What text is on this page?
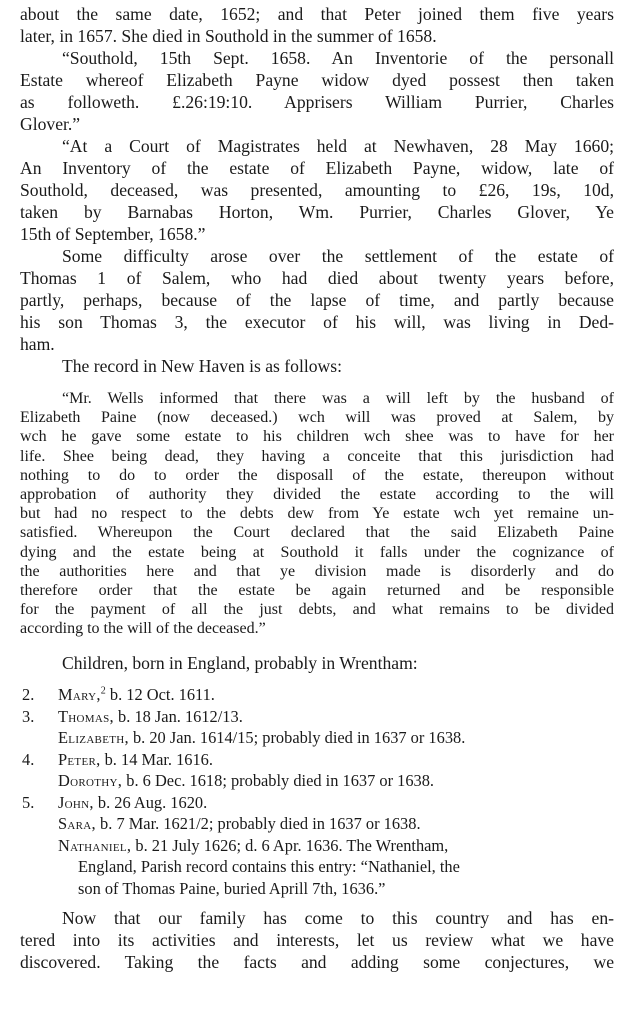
about the same date, 1652; and that Peter joined them five years
later, in 1657. She died in Southold in the summer of 1658.
“Southold, 15th Sept. 1658. An Inventorie of the personall
Estate whereof Elizabeth Payne widow dyed possest then taken
as followeth. £.26:19:10. Apprisers William Purrier, Charles
Glover.”
“At a Court of Magistrates held at Newhaven, 28 May 1660;
An Inventory of the estate of Elizabeth Payne, widow, late of
Southold, deceased, was presented, amounting to £26, 19s, 10d,
taken by Barnabas Horton, Wm. Purrier, Charles Glover, Ye
15th of September, 1658.”
Some difficulty arose over the settlement of the estate of
Thomas 1 of Salem, who had died about twenty years before,
partly, perhaps, because of the lapse of time, and partly because
his son Thomas 3, the executor of his will, was living in Ded-
ham.
The record in New Haven is as follows:
“Mr. Wells informed that there was a will left by the husband of
Elizabeth Paine (now deceased.) wch will was proved at Salem, by
wch he gave some estate to his children wch shee was to have for her
life. Shee being dead, they having a conceite that this jurisdiction had
nothing to do to order the disposall of the estate, thereupon without
approbation of authority they divided the estate according to the will
but had no respect to the debts dew from Ye estate wch yet remaine un-
satisfied. Whereupon the Court declared that the said Elizabeth Paine
dying and the estate being at Southold it falls under the cognizance of
the authorities here and that ye division made is disorderly and do
therefore order that the estate be again returned and be responsible
for the payment of all the just debts, and what remains to be divided
according to the will of the deceased.”
Children, born in England, probably in Wrentham:
2.	Mary,$^2$ b. 12 Oct. 1611.
3.	Thomas, b. 18 Jan. 1612/13.
Elizabeth, b. 20 Jan. 1614/15; probably died in 1637 or 1638.
4.	Peter, b. 14 Mar. 1616.
Dorothy, b. 6 Dec. 1618; probably died in 1637 or 1638.
5.	John, b. 26 Aug. 1620.
Sara, b. 7 Mar. 1621/2; probably died in 1637 or 1638.
Nathaniel, b. 21 July 1626; d. 6 Apr. 1636. The Wrentham,
England, Parish record contains this entry: “Nathaniel, the
son of Thomas Paine, buried Aprill 7th, 1636.”
Now that our family has come to this country and has en-
tered into its activities and interests, let us review what we have
discovered. Taking the facts and adding some conjectures, we
